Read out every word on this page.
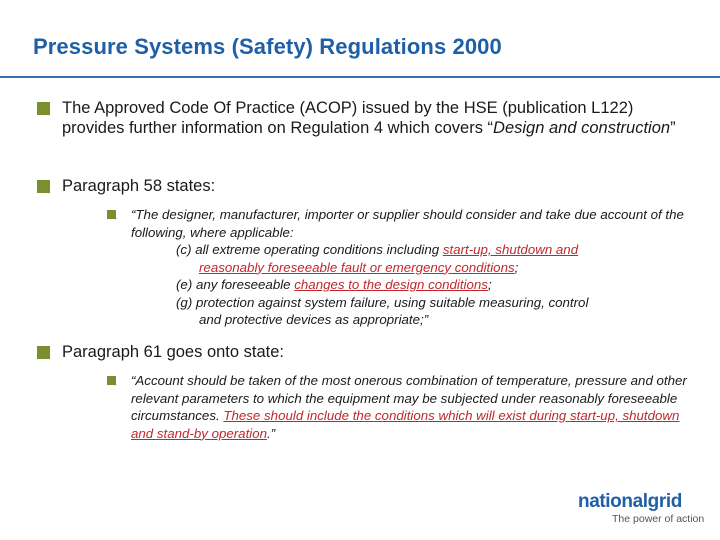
Pressure Systems (Safety) Regulations 2000
The Approved Code Of Practice (ACOP) issued by the HSE (publication L122) provides further information on Regulation 4 which covers “Design and construction”
Paragraph 58 states:
“The designer, manufacturer, importer or supplier should consider and take due account of the following, where applicable:
(c) all extreme operating conditions including start-up, shutdown and
reasonably foreseeable fault or emergency conditions;
(e) any foreseeable changes to the design conditions;
(g) protection against system failure, using suitable measuring, control
and protective devices as appropriate;”
Paragraph 61 goes onto state:
“Account should be taken of the most onerous combination of temperature, pressure and other relevant parameters to which the equipment may be subjected under reasonably foreseeable circumstances. These should include the conditions which will exist during start-up, shutdown and stand-by operation.”
nationalgrid
The power of action
